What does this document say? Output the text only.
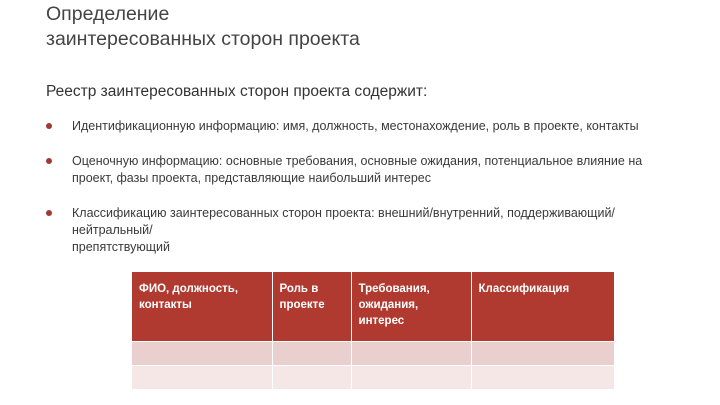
Определение
заинтересованных сторон проекта
Реестр заинтересованных сторон проекта содержит:
Идентификационную информацию: имя, должность, местонахождение, роль в проекте, контакты
Оценочную информацию: основные требования, основные ожидания, потенциальное влияние на проект, фазы проекта, представляющие наибольший интерес
Классификацию заинтересованных сторон проекта: внешний/внутренний, поддерживающий/нейтральный/
препятствующий
ФИО, должность, контакты	Роль в проекте	Требования, ожидания, интерес	Классификация
